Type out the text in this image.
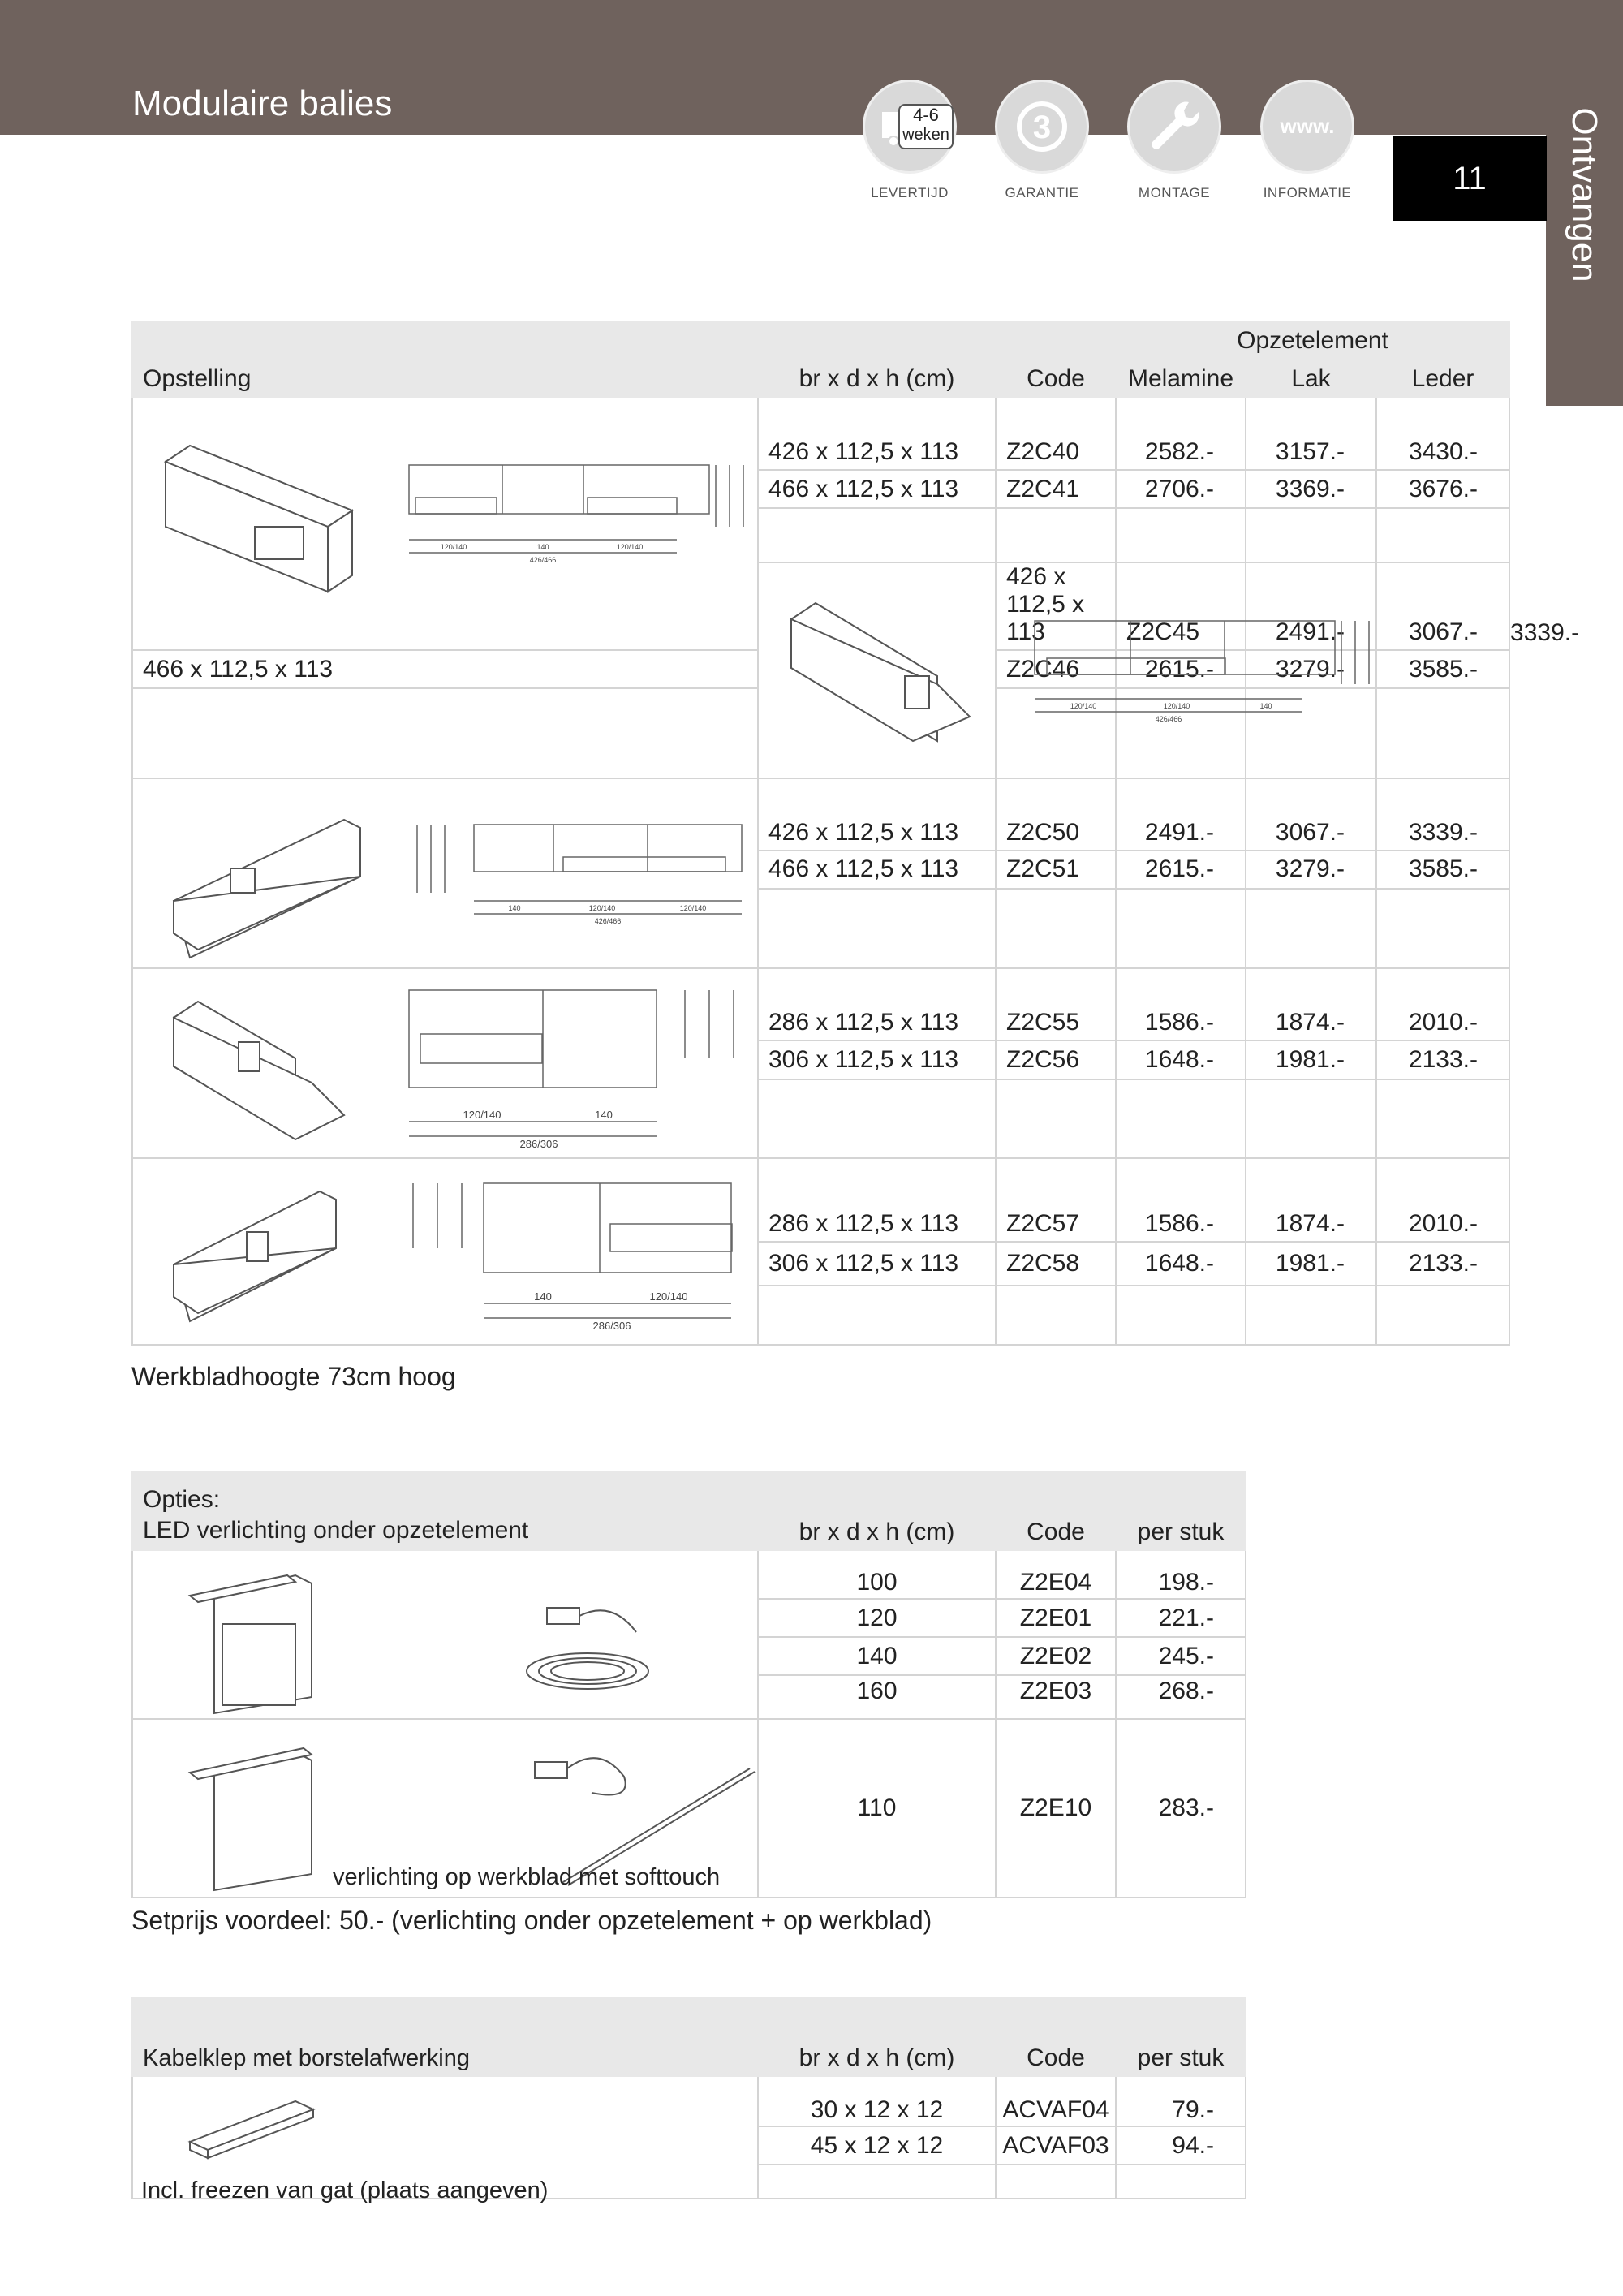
Modulaire balies
Ontvangen
11
4-6
weken
LEVERTIJD
3
GARANTIE	MONTAGE
www.
INFORMATIE
Opstelling	br x d x h (cm)	Code	Opzetelement			
			Melamine	Lak	Leder	

120/140 140 120/140
426/466	426 x 112,5 x 113	Z2C40	2582.-	3157.-	3430.-	
	466 x 112,5 x 113	Z2C41	2706.-	3369.-	3676.-	

120/140 120/140 140
426/466	426 x 112,5 x 113	Z2C45	2491.-	3067.-	3339.-
466 x 112,5 x 113		Z2C46	2615.-	3279.-	3585.-	

140 120/140 120/140
426/466	426 x 112,5 x 113	Z2C50	2491.-	3067.-	3339.-	
	466 x 112,5 x 113	Z2C51	2615.-	3279.-	3585.-	

120/140 140
286/306	286 x 112,5 x 113	Z2C55	1586.-	1874.-	2010.-	
	306 x 112,5 x 113	Z2C56	1648.-	1981.-	2133.-	

140 120/140
286/306	286 x 112,5 x 113	Z2C57	1586.-	1874.-	2010.-	
	306 x 112,5 x 113	Z2C58	1648.-	1981.-	2133.-	

Werkbladhoogte 73cm hoog
Opties:
LED verlichting onder opzetelement	br x d x h (cm)	Code	per stuk

	100	Z2E04	198.-
	120	Z2E01	221.-
	140	Z2E02	245.-
	160	Z2E03	268.-

verlichting op werkblad met softtouch	110	Z2E10	283.-
Setprijs voordeel: 50.- (verlichting onder opzetelement + op werkblad)
Kabelklep met borstelafwerking	br x d x h (cm)	Code	per stuk

Incl. freezen van gat (plaats aangeven)	30 x 12 x 12	ACVAF04	79.-
	45 x 12 x 12	ACVAF03	94.-
